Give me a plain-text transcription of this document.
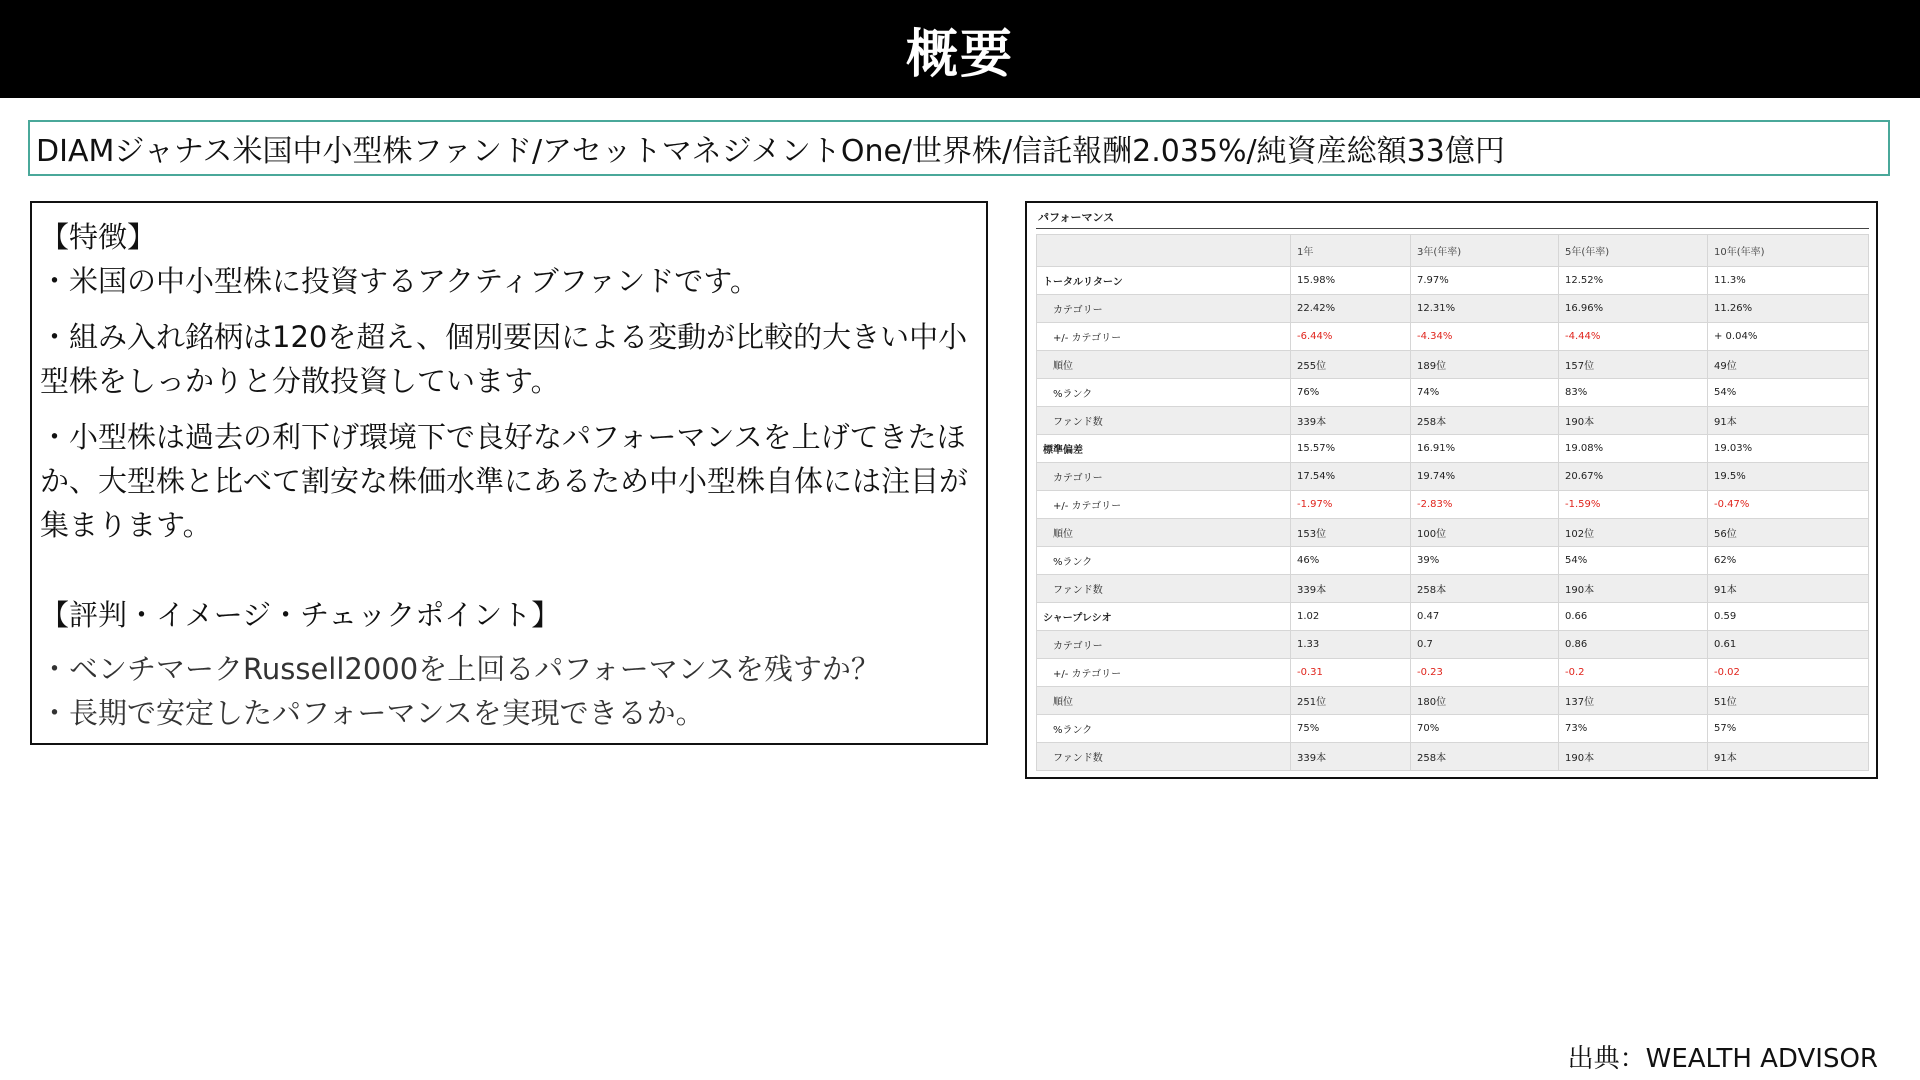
概要
DIAMジャナス米国中小型株ファンド/アセットマネジメントOne/世界株/信託報酬2.035%/純資産総額33億円

【特徴】

・米国の中小型株に投資するアクティブファンドです。

・組み入れ銘柄は120を超え、個別要因による変動が比較的大きい中小型株をしっかりと分散投資しています。

・小型株は過去の利下げ環境下で良好なパフォーマンスを上げてきたほか、大型株と比べて割安な株価水準にあるため中小型株自体には注目が集まります。

【評判・イメージ・チェックポイント】

・ベンチマークRussell2000を上回るパフォーマンスを残すか？

・長期で安定したパフォーマンスを実現できるか。

パフォーマンス
	1年	3年(年率)	5年(年率)	10年(年率)
トータルリターン	15.98%	7.97%	12.52%	11.3%
カテゴリー	22.42%	12.31%	16.96%	11.26%
+/- カテゴリー	-6.44%	-4.34%	-4.44%	+ 0.04%
順位	255位	189位	157位	49位
%ランク	76%	74%	83%	54%
ファンド数	339本	258本	190本	91本
標準偏差	15.57%	16.91%	19.08%	19.03%
カテゴリー	17.54%	19.74%	20.67%	19.5%
+/- カテゴリー	-1.97%	-2.83%	-1.59%	-0.47%
順位	153位	100位	102位	56位
%ランク	46%	39%	54%	62%
ファンド数	339本	258本	190本	91本
シャープレシオ	1.02	0.47	0.66	0.59
カテゴリー	1.33	0.7	0.86	0.61
+/- カテゴリー	-0.31	-0.23	-0.2	-0.02
順位	251位	180位	137位	51位
%ランク	75%	70%	73%	57%
ファンド数	339本	258本	190本	91本
出典：WEALTH ADVISOR
